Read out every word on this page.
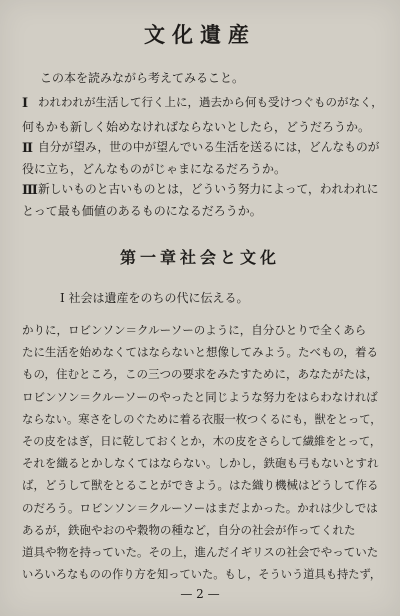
文化遺産
この本を読みながら考えてみること。
Ⅰ われわれが生活して行く上に，過去から何も受けつぐものがなく，
何もかも新しく始めなければならないとしたら，どうだろうか。
Ⅱ 自分が望み，世の中が望んでいる生活を送るには，どんなものが
役に立ち，どんなものがじゃまになるだろうか。
Ⅲ 新しいものと古いものとは，どういう努力によって，われわれに
とって最も価値のあるものになるだろうか。
第一章社会と文化
Ⅰ 社会は遺産をのちの代に伝える。
かりに，ロビンソン＝クルーソーのように，自分ひとりで全くあら
たに生活を始めなくてはならないと想像してみよう。たべもの，着る
もの，住むところ，この三つの要求をみたすために，あなたがたは，
ロビンソン＝クルーソーのやったと同じような努力をはらわなければ
ならない。寒さをしのぐために着る衣服一枚つくるにも，獣をとって，
その皮をはぎ，日に乾しておくとか，木の皮をさらして繊維をとって，
それを織るとかしなくてはならない。しかし，鉄砲も弓もないとすれ
ば，どうして獣をとることができよう。はた織り機械はどうして作る
のだろう。ロビンソン＝クルーソーはまだよかった。かれは少しでは
あるが，鉄砲やおのや穀物の種など，自分の社会が作ってくれた
道具や物を持っていた。その上，進んだイギリスの社会でやっていた
いろいろなものの作り方を知っていた。もし，そういう道具も持たず，
— 2 —
